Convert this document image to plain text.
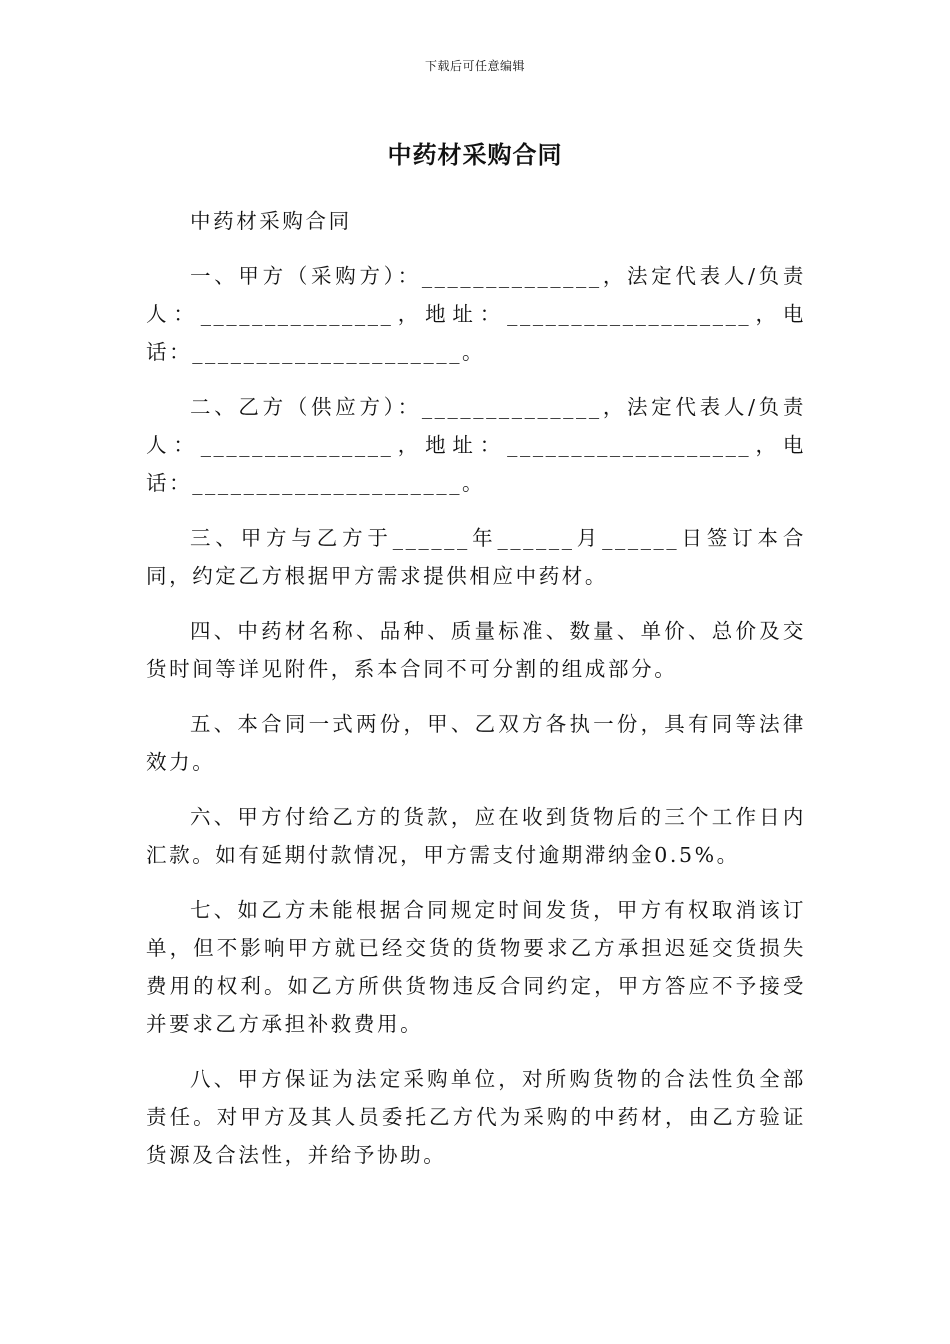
下载后可任意编辑
中药材采购合同

中药材采购合同

一、甲方（采购方）：______________，法定代表人/负责人：_______________，地址：___________________，电话：_____________________。

二、乙方（供应方）：______________，法定代表人/负责人：_______________，地址：___________________，电话：_____________________。

三、甲方与乙方于______年______月______日签订本合同，约定乙方根据甲方需求提供相应中药材。

四、中药材名称、品种、质量标准、数量、单价、总价及交货时间等详见附件，系本合同不可分割的组成部分。

五、本合同一式两份，甲、乙双方各执一份，具有同等法律效力。

六、甲方付给乙方的货款，应在收到货物后的三个工作日内汇款。如有延期付款情况，甲方需支付逾期滞纳金0.5%。

七、如乙方未能根据合同规定时间发货，甲方有权取消该订单，但不影响甲方就已经交货的货物要求乙方承担迟延交货损失费用的权利。如乙方所供货物违反合同约定，甲方答应不予接受并要求乙方承担补救费用。

八、甲方保证为法定采购单位，对所购货物的合法性负全部责任。对甲方及其人员委托乙方代为采购的中药材，由乙方验证货源及合法性，并给予协助。
